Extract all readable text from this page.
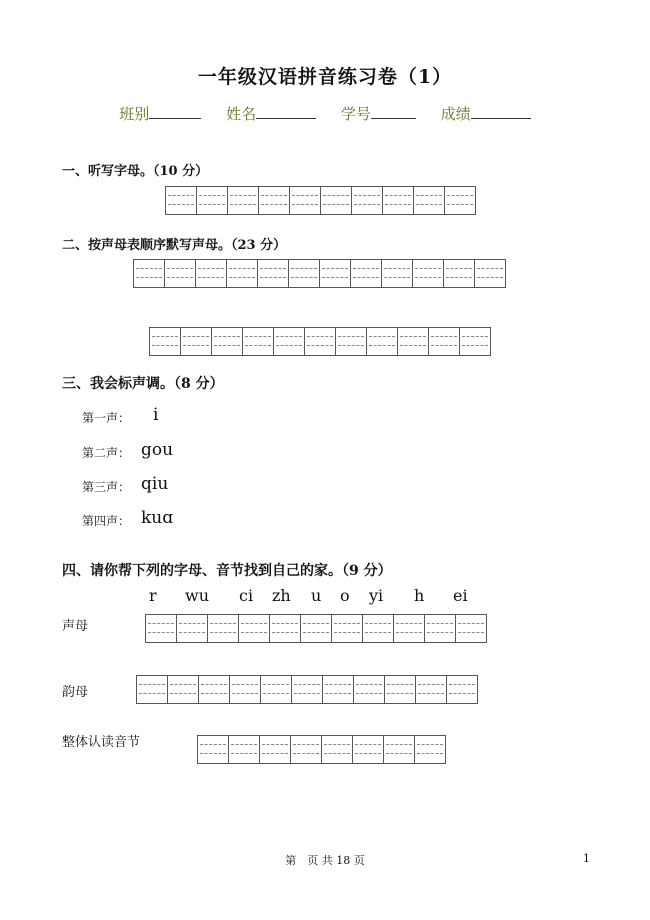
一年级汉语拼音练习卷（1）
班别	姓名	学号	成绩
一、听写字母。（10 分）
二、按声母表顺序默写声母。（23 分）
三、我会标声调。（8 分）
第一声： i
第二声： gou
第三声： qiu
第四声： kuɑ
四、请你帮下列的字母、音节找到自己的家。（9 分）
r wu ci zh u o yi h ei
声母
韵母
整体认读音节
第　页 共 18 页	1
